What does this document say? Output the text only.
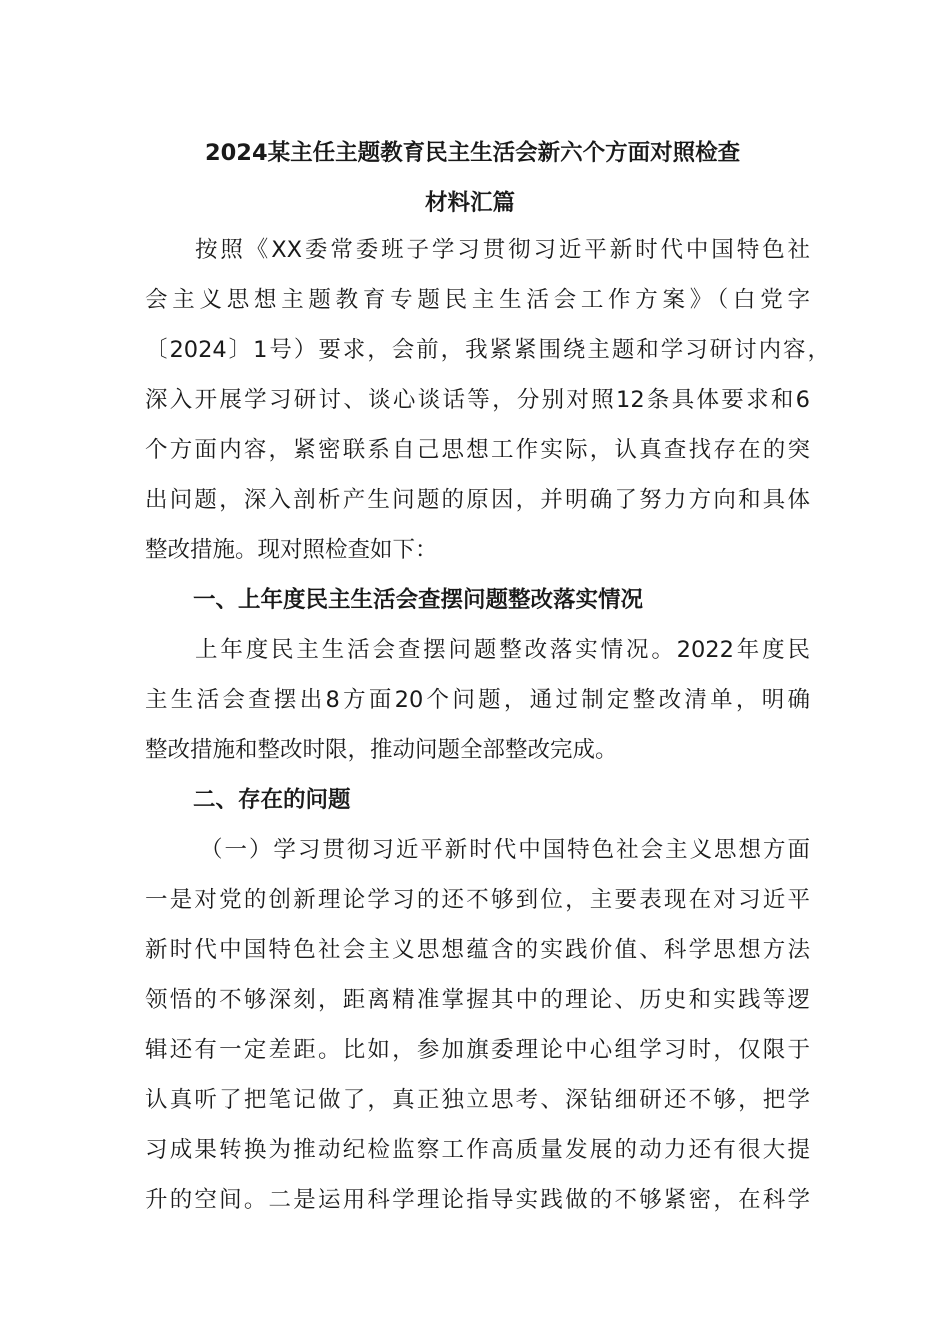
2024某主任主题教育民主生活会新六个方面对照检查
材料汇篇
按照《XX委常委班子学习贯彻习近平新时代中国特色社
会主义思想主题教育专题民主生活会工作方案》（白党字
〔2024〕1号）要求，会前，我紧紧围绕主题和学习研讨内容，
深入开展学习研讨、谈心谈话等，分别对照12条具体要求和6
个方面内容，紧密联系自己思想工作实际，认真查找存在的突
出问题，深入剖析产生问题的原因，并明确了努力方向和具体
整改措施。现对照检查如下：
一、上年度民主生活会查摆问题整改落实情况
上年度民主生活会查摆问题整改落实情况。2022年度民
主生活会查摆出8方面20个问题，通过制定整改清单，明确
整改措施和整改时限，推动问题全部整改完成。
二、存在的问题
（一）学习贯彻习近平新时代中国特色社会主义思想方面
一是对党的创新理论学习的还不够到位，主要表现在对习近平
新时代中国特色社会主义思想蕴含的实践价值、科学思想方法
领悟的不够深刻，距离精准掌握其中的理论、历史和实践等逻
辑还有一定差距。比如，参加旗委理论中心组学习时，仅限于
认真听了把笔记做了，真正独立思考、深钻细研还不够，把学
习成果转换为推动纪检监察工作高质量发展的动力还有很大提
升的空间。二是运用科学理论指导实践做的不够紧密，在科学
